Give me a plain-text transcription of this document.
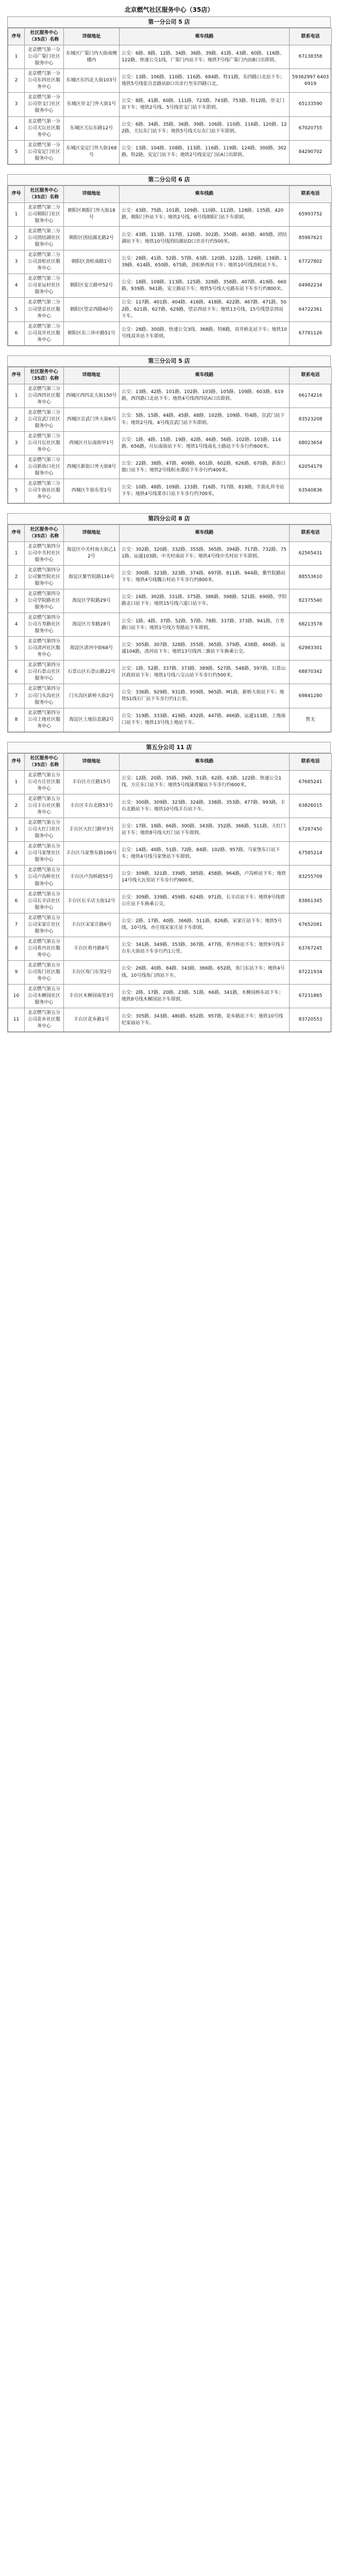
北京燃气社区服务中心（35店）
第一分公司 5 店
序号	社区服务中心（35店）名称	详细地址	乘车线路	联系电话
1	北京燃气第一分公司广渠门社区服务中心	东城区广渠门内大街南侧楼内	公交：6路、8路、12路、34路、36路、39路、41路、43路、60路、116路、122路、快速公交1线，广渠门内站下车；地铁7号线广渠门内站B口出即到。	67138358
2	北京燃气第一分公司东四社区服务中心	东城区东四北大街103号	公交：13路、106路、110路、116路、684路、特11路，东四路口北站下车；地铁5号线张自忠路站D口出步行至东四路口北。	59362997 64036919
3	北京燃气第一分公司崇文门社区服务中心	东城区崇文门外大街1号	公交：8路、41路、60路、111路、723路、743路、753路、特12路，崇文门站下车；地铁2号线、5号线崇文门站下车即到。	65133590
4	北京燃气第一分公司天坛社区服务中心	东城区天坛东路12号	公交：6路、34路、35路、36路、39路、106路、110路、116路、120路、122路，天坛东门站下车；地铁5号线天坛东门站下车即到。	67020755
5	北京燃气第一分公司安定门社区服务中心	东城区安定门外大街168号	公交：13路、104路、108路、113路、116路、119路、124路、300路、302路、特2路，安定门站下车；地铁2号线安定门站A口出即到。	84290702
第二分公司 6 店
序号	社区服务中心（35店）名称	详细地址	乘车线路	联系电话
1	北京燃气第二分公司朝阳门社区服务中心	朝阳区朝阳门外大街18号	公交：43路、75路、101路、109路、110路、112路、128路、135路、420路，朝阳门外站下车；地铁2号线、6号线朝阳门站下车即到。	65993752
2	北京燃气第二分公司团结湖社区服务中心	朝阳区团结湖北路2号	公交：43路、113路、117路、120路、302路、350路、403路、405路，团结湖站下车；地铁10号线团结湖站D口出步行约500米。	85987623
3	北京燃气第二分公司劲松社区服务中心	朝阳区劲松南路1号	公交：28路、41路、52路、57路、63路、120路、122路、129路、138路、139路、614路、650路、675路，劲松桥西站下车；地铁10号线劲松站下车。	67727802
4	北京燃气第二分公司亚运村社区服务中心	朝阳区安立路甲52号	公交：18路、108路、113路、125路、328路、358路、407路、419路、660路、939路、941路，安立路站下车；地铁5号线大屯路东站下车步行约800米。	64982234
5	北京燃气第二分公司望京社区服务中心	朝阳区望京西路40号	公交：117路、401路、404路、416路、418路、422路、467路、471路、502路、621路、627路、629路，望京西站下车；地铁13号线、15号线望京西站下车。	64722361
6	北京燃气第二分公司双井社区服务中心	朝阳区东三环中路51号	公交：28路、300路、快速公交3线、368路、特8路，双井桥北站下车；地铁10号线双井站下车即到。	67781126
第三分公司 5 店
序号	社区服务中心（35店）名称	详细地址	乘车线路	联系电话
1	北京燃气第三分公司西四社区服务中心	西城区西四北大街150号	公交：13路、42路、101路、102路、103路、105路、109路、603路、619路，西四路口北站下车；地铁4号线西四站A口出即到。	66174216
2	北京燃气第三分公司宣武门社区服务中心	西城区宣武门外大街6号	公交：5路、15路、44路、45路、48路、102路、109路、特4路，宣武门站下车；地铁2号线、4号线宣武门站下车即到。	83523208
3	北京燃气第三分公司月坛社区服务中心	西城区月坛南街甲1号	公交：1路、4路、15路、19路、42路、46路、56路、102路、103路、114路、656路，月坛南街站下车；地铁1号线南礼士路站下车步行约600米。	68023654
4	北京燃气第三分公司新街口社区服务中心	西城区新街口外大街8号	公交：22路、38路、47路、409路、601路、602路、626路、670路，新街口豁口站下车；地铁2号线积水潭站下车步行约400米。	62054179
5	北京燃气第三分公司牛街社区服务中心	西城区牛街东里1号	公交：10路、48路、109路、133路、716路、717路、819路，牛街礼拜寺站下车；地铁4号线菜市口站下车步行约700米。	63540836
第四分公司 8 店
序号	社区服务中心（35店）名称	详细地址	乘车线路	联系电话
1	北京燃气第四分公司中关村社区服务中心	海淀区中关村南大街乙12号	公交：302路、320路、332路、355路、365路、394路、717路、732路、751路、运通103路，中关村南站下车；地铁4号线中关村站下车即到。	62565431
2	北京燃气第四分公司紫竹院社区服务中心	海淀区紫竹院路116号	公交：300路、323路、323路、374路、697路、811路、944路，紫竹院路站下车；地铁4号线魏公村站下车步行约800米。	88553610
3	北京燃气第四分公司学院路社区服务中心	海淀区学院路29号	公交：16路、302路、331路、375路、386路、398路、521路、690路，学院路北口站下车；地铁15号线六道口站下车。	82375540
4	北京燃气第四分公司万寿路社区服务中心	海淀区万寿路28号	公交：1路、4路、37路、52路、57路、78路、337路、373路、941路，万寿路口站下车；地铁1号线万寿路站下车即到。	68213578
5	北京燃气第四分公司清河社区服务中心	海淀区清河中街68号	公交：305路、307路、328路、355路、365路、379路、438路、466路、运通104路，清河站下车；地铁13号线西二旗站下车换乘公交。	62983301
6	北京燃气第四分公司石景山社区服务中心	石景山区石景山路22号	公交：1路、52路、337路、373路、389路、527路、548路、597路，石景山区政府站下车；地铁1号线八宝山站下车步行约500米。	68870342
7	北京燃气第四分公司门头沟社区服务中心	门头沟区新桥大街2号	公交：336路、929路、931路、959路、965路、M1路，新桥大街站下车；地铁S1线石厂站下车步行约1公里。	69841280
8	北京燃气第四分公司上地社区服务中心	海淀区上地信息路2号	公交：319路、333路、419路、432路、447路、466路、运通113路，上地南口站下车；地铁13号线上地站下车。	暂无
第五分公司 11 店
序号	社区服务中心（35店）名称	详细地址	乘车线路	联系电话
1	北京燃气第五分公司方庄社区服务中心	丰台区方庄路15号	公交：12路、20路、35路、39路、51路、62路、63路、122路、快速公交1线，方庄东口站下车；地铁5号线蒲黄榆站下车步行约600米。	67685241
2	北京燃气第五分公司丰台社区服务中心	丰台区丰台北路53号	公交：300路、309路、323路、324路、338路、353路、477路、993路，丰台北路站下车；地铁10号线丰台站下车。	63826015
3	北京燃气第五分公司大红门社区服务中心	丰台区大红门路甲3号	公交：17路、19路、66路、300路、343路、352路、366路、511路，大红门站下车；地铁8号线大红门站下车即到。	67287450
4	北京燃气第五分公司马家堡社区服务中心	丰台区马家堡东路106号	公交：14路、40路、51路、72路、84路、102路、957路，马家堡东口站下车；地铁4号线马家堡站下车即到。	67585214
5	北京燃气第五分公司卢沟桥社区服务中心	丰台区卢沟桥路55号	公交：309路、321路、339路、385路、458路、964路，卢沟桥站下车；地铁14号线大瓦窑站下车步行约900米。	83255709
6	北京燃气第五分公司长辛店社区服务中心	丰台区长辛店大街12号	公交：309路、339路、459路、624路、971路，长辛店站下车；地铁9号线郭公庄站下车换乘公交。	83861345
7	北京燃气第五分公司宋家庄社区服务中心	丰台区宋家庄路6号	公交：2路、17路、40路、366路、511路、826路，宋家庄站下车；地铁5号线、10号线、亦庄线宋家庄站下车即到。	67652081
8	北京燃气第五分公司看丹社区服务中心	丰台区看丹路8号	公交：341路、349路、353路、367路、477路，看丹桥站下车；地铁9号线丰台东大街站下车步行约1公里。	63767245
9	北京燃气第五分公司角门社区服务中心	丰台区角门东里2号	公交：26路、40路、84路、343路、366路、652路，角门东站下车；地铁4号线、10号线角门西站下车。	87221934
10	北京燃气第五分公司木樨园社区服务中心	丰台区木樨园南里3号	公交：2路、17路、20路、23路、51路、66路、341路，木樨园桥东站下车；地铁8号线木樨园站下车即到。	67231865
11	北京燃气第五分公司花乡社区服务中心	丰台区花乡路1号	公交：305路、343路、480路、652路、957路，花乡路站下车；地铁10号线纪家庙站下车。	83720553
